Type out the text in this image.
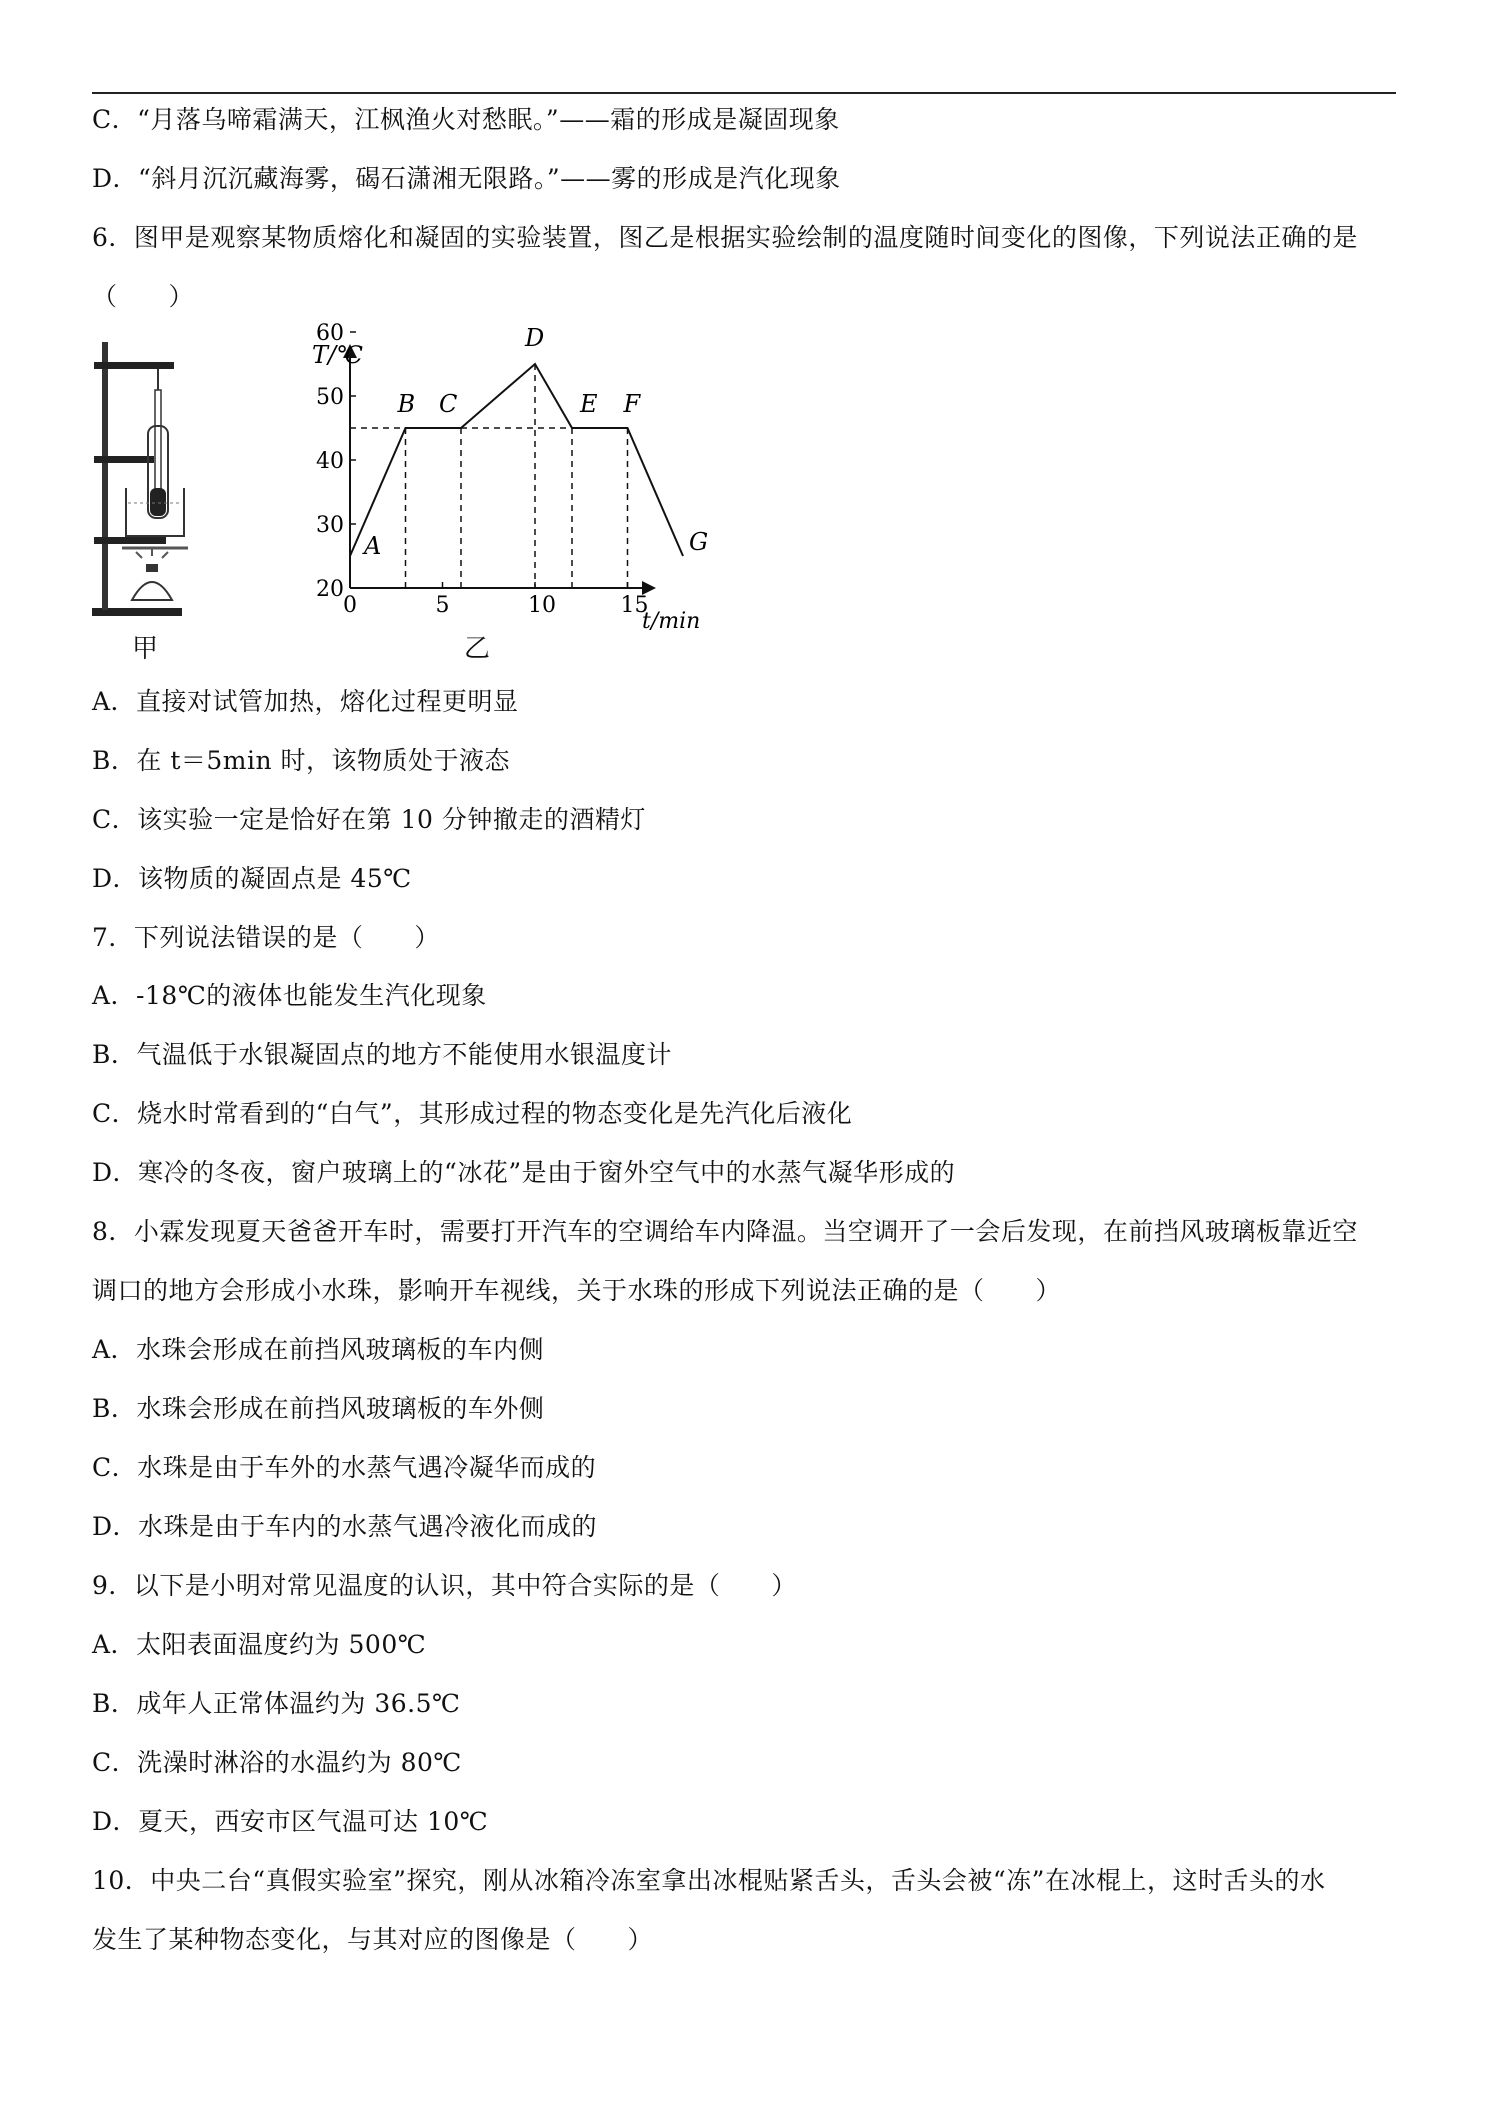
C．“月落乌啼霜满天，江枫渔火对愁眠。”——霜的形成是凝固现象
D．“斜月沉沉藏海雾，碣石潇湘无限路。”——雾的形成是汽化现象
6．图甲是观察某物质熔化和凝固的实验装置，图乙是根据实验绘制的温度随时间变化的图像，下列说法正确的是
（　　）
A．直接对试管加热，熔化过程更明显
B．在 t＝5min 时，该物质处于液态
C．该实验一定是恰好在第 10 分钟撤走的酒精灯
D．该物质的凝固点是 45℃
7．下列说法错误的是（　　）
A．-18℃的液体也能发生汽化现象
B．气温低于水银凝固点的地方不能使用水银温度计
C．烧水时常看到的“白气”，其形成过程的物态变化是先汽化后液化
D．寒冷的冬夜，窗户玻璃上的“冰花”是由于窗外空气中的水蒸气凝华形成的
8．小霖发现夏天爸爸开车时，需要打开汽车的空调给车内降温。当空调开了一会后发现，在前挡风玻璃板靠近空
调口的地方会形成小水珠，影响开车视线，关于水珠的形成下列说法正确的是（　　）
A．水珠会形成在前挡风玻璃板的车内侧
B．水珠会形成在前挡风玻璃板的车外侧
C．水珠是由于车外的水蒸气遇冷凝华而成的
D．水珠是由于车内的水蒸气遇冷液化而成的
9．以下是小明对常见温度的认识，其中符合实际的是（　　）
A．太阳表面温度约为 500℃
B．成年人正常体温约为 36.5℃
C．洗澡时淋浴的水温约为 80℃
D．夏天，西安市区气温可达 10℃
10．中央二台“真假实验室”探究，刚从冰箱冷冻室拿出冰棍贴紧舌头，舌头会被“冻”在冰棍上，这时舌头的水
发生了某种物态变化，与其对应的图像是（　　）
甲
20
30
40
50
60
0	5	10	15
A
B C
D
E F
G
T/℃
t/min
乙
